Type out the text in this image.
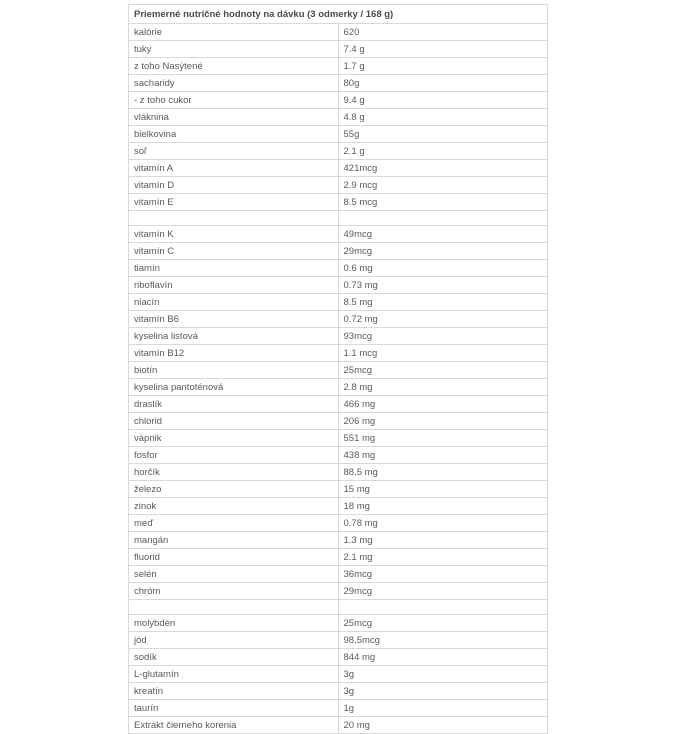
Priemerné nutričné hodnoty na dávku (3 odmerky / 168 g)	
kalórie	620
tuky	7.4 g
z toho Nasýtené	1.7 g
sacharidy	80g
- z toho cukor	9.4 g
vláknina	4.8 g
bielkovina	55g
soľ	2.1 g
vitamín A	421mcg
vitamín D	2.9 mcg
vitamín E	8.5 mcg

vitamín K	49mcg
vitamín C	29mcg
tiamín	0.6 mg
riboflavín	0.73 mg
niacín	8.5 mg
vitamín B6	0.72 mg
kyselina listová	93mcg
vitamín B12	1.1 mcg
biotín	25mcg
kyselina pantoténová	2.8 mg
draslík	466 mg
chlorid	206 mg
vápnik	551 mg
fosfor	438 mg
horčík	88.5 mg
železo	15 mg
zinok	18 mg
meď	0.78 mg
mangán	1.3 mg
fluorid	2.1 mg
selén	36mcg
chróm	29mcg

molybdén	25mcg
jód	98.5mcg
sodík	844 mg
L-glutamín	3g
kreatín	3g
taurín	1g
Extrakt čierneho korenia	20 mg
